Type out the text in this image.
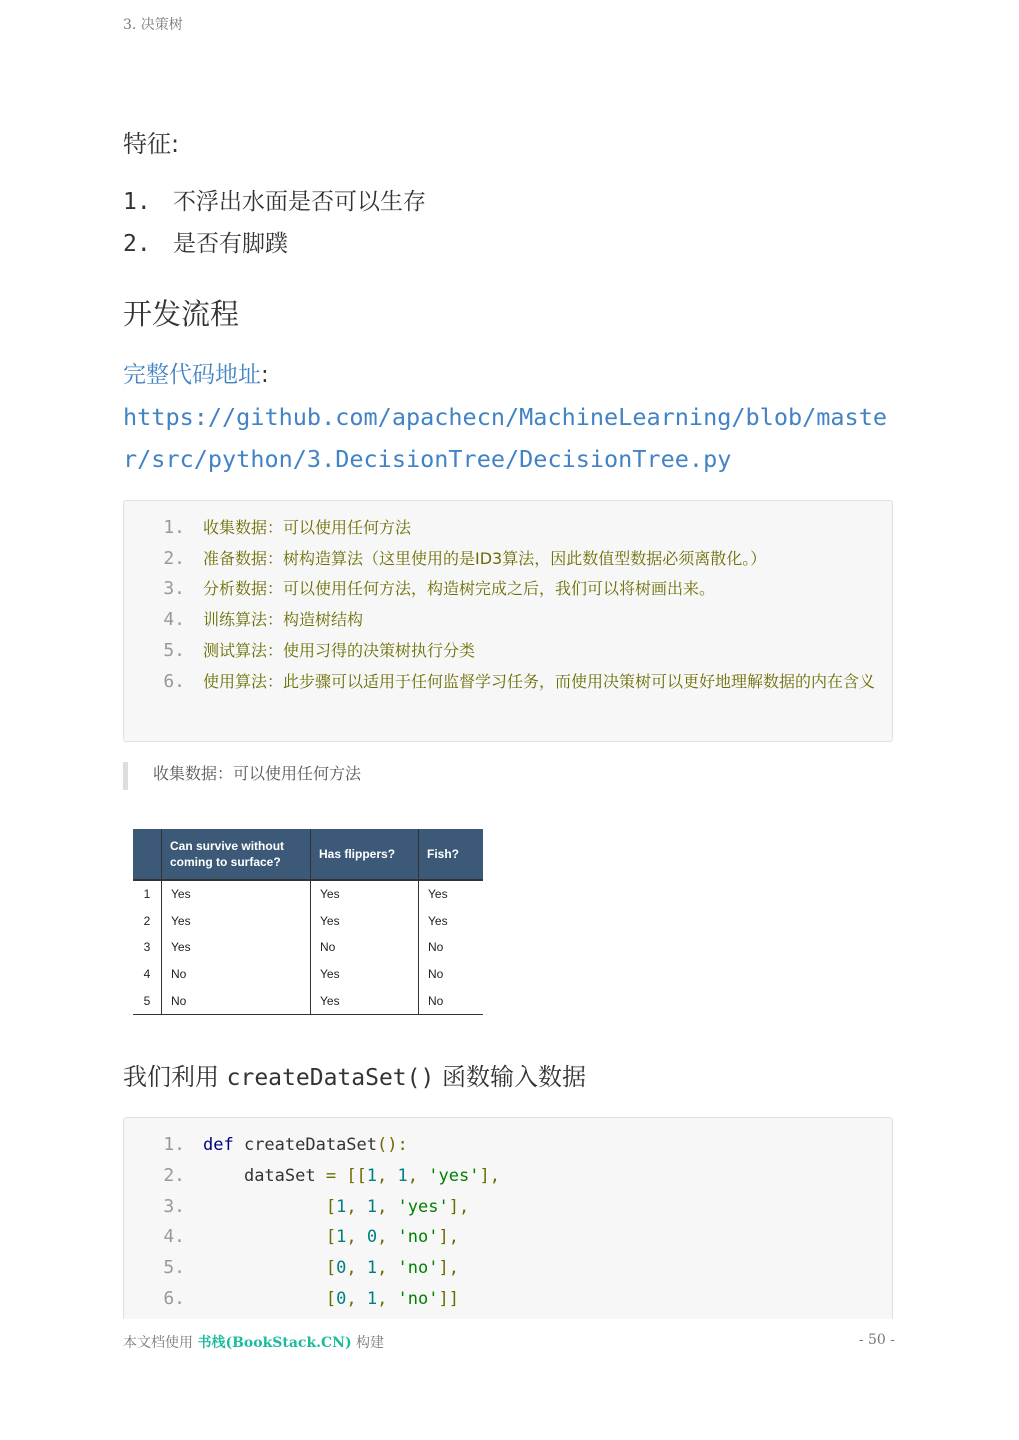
3. 决策树
特征:
1. 不浮出水面是否可以生存
2. 是否有脚蹼
开发流程
完整代码地址:
https://github.com/apachecn/MachineLearning/blob/master/src/python/3.DecisionTree/DecisionTree.py
1. 收集数据：可以使用任何方法
2. 准备数据：树构造算法（这里使用的是ID3算法，因此数值型数据必须离散化。）
3. 分析数据：可以使用任何方法，构造树完成之后，我们可以将树画出来。
4. 训练算法：构造树结构
5. 测试算法：使用习得的决策树执行分类
6. 使用算法：此步骤可以适用于任何监督学习任务，而使用决策树可以更好地理解数据的内在含义
收集数据：可以使用任何方法
	Can survive without coming to surface?	Has flippers?	Fish?
1	Yes	Yes	Yes
2	Yes	Yes	Yes
3	Yes	No	No
4	No	Yes	No
5	No	Yes	No
我们利用 createDataSet() 函数输入数据
1. def createDataSet():
2.	dataSet = [[1, 1, 'yes'],
3.	[1, 1, 'yes'],
4.	[1, 0, 'no'],
5.	[0, 1, 'no'],
6.	[0, 1, 'no']]
本文档使用 书栈(BookStack.CN) 构建	- 50 -
